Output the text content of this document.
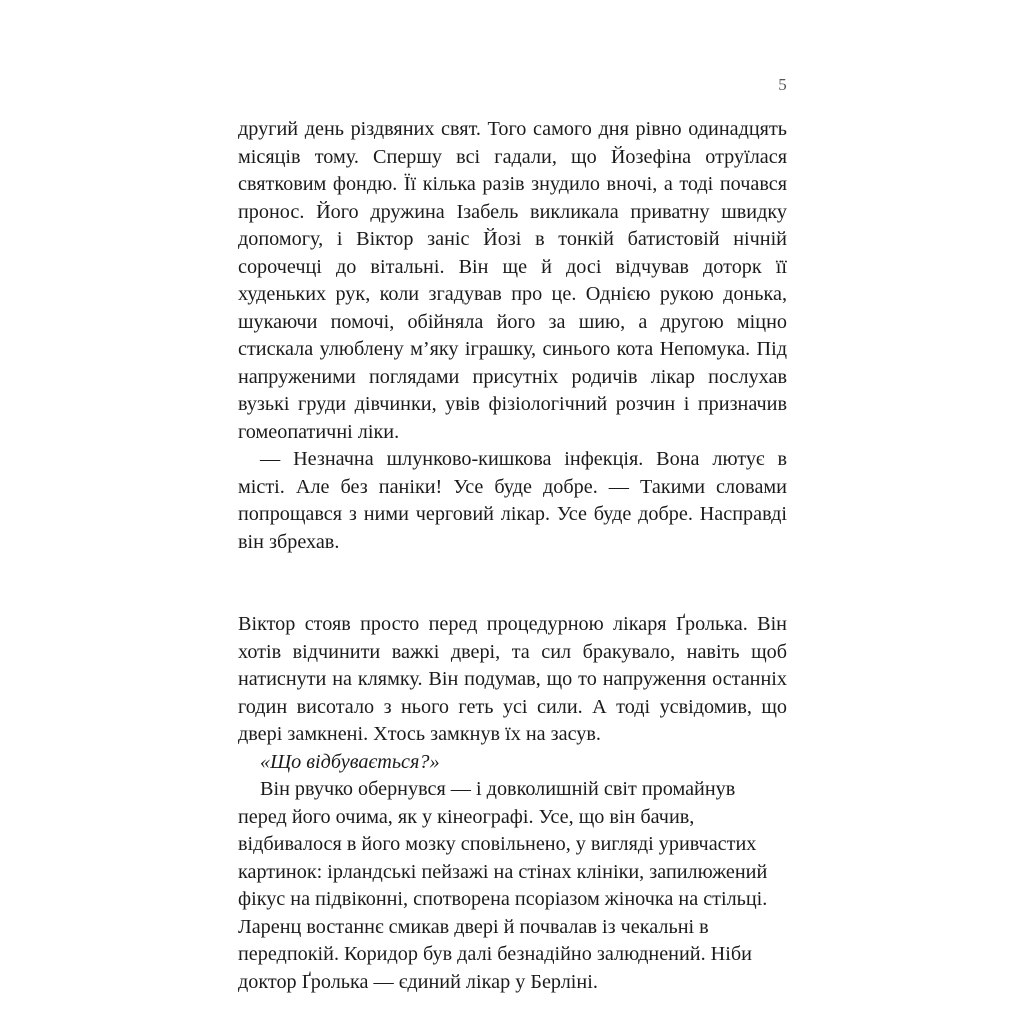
5

другий день різдвяних свят. Того самого дня рівно одинадцять місяців тому. Спершу всі гадали, що Йозефіна отруїлася святковим фондю. Її кілька разів знудило вночі, а тоді почався пронос. Його дружина Ізабель викликала приватну швидку допомогу, і Віктор заніс Йозі в тонкій батистовій нічній сорочечці до вітальні. Він ще й досі відчував доторк її худеньких рук, коли згадував про це. Однією рукою донька, шукаючи помочі, обійняла його за шию, а другою міцно стискала улюблену м’яку іграшку, синього кота Непомука. Під напруженими поглядами присутніх родичів лікар послухав вузькі груди дівчинки, увів фізіологічний розчин і призначив гомеопатичні ліки.

— Незначна шлунково-кишкова інфекція. Вона лютує в місті. Але без паніки! Усе буде добре. — Такими словами попрощався з ними черговий лікар. Усе буде добре. Насправді він збрехав.

Віктор стояв просто перед процедурною лікаря Ґролька. Він хотів відчинити важкі двері, та сил бракувало, навіть щоб натиснути на клямку. Він подумав, що то напруження останніх годин висотало з нього геть усі сили. А тоді усвідомив, що двері замкнені. Хтось замкнув їх на засув.

«Що відбувається?»

Він рвучко обернувся — і довколишній світ промайнув перед його очима, як у кінеографі. Усе, що він бачив, відбивалося в його мозку сповільнено, у вигляді уривчастих картинок: ірландські пейзажі на стінах клініки, запилюжений фікус на підвіконні, спотворена псоріазом жіночка на стільці. Ларенц востаннє смикав двері й почвалав із чекальні в передпокій. Коридор був далі безнадійно залюднений. Ніби доктор Ґролька — єдиний лікар у Берліні.
